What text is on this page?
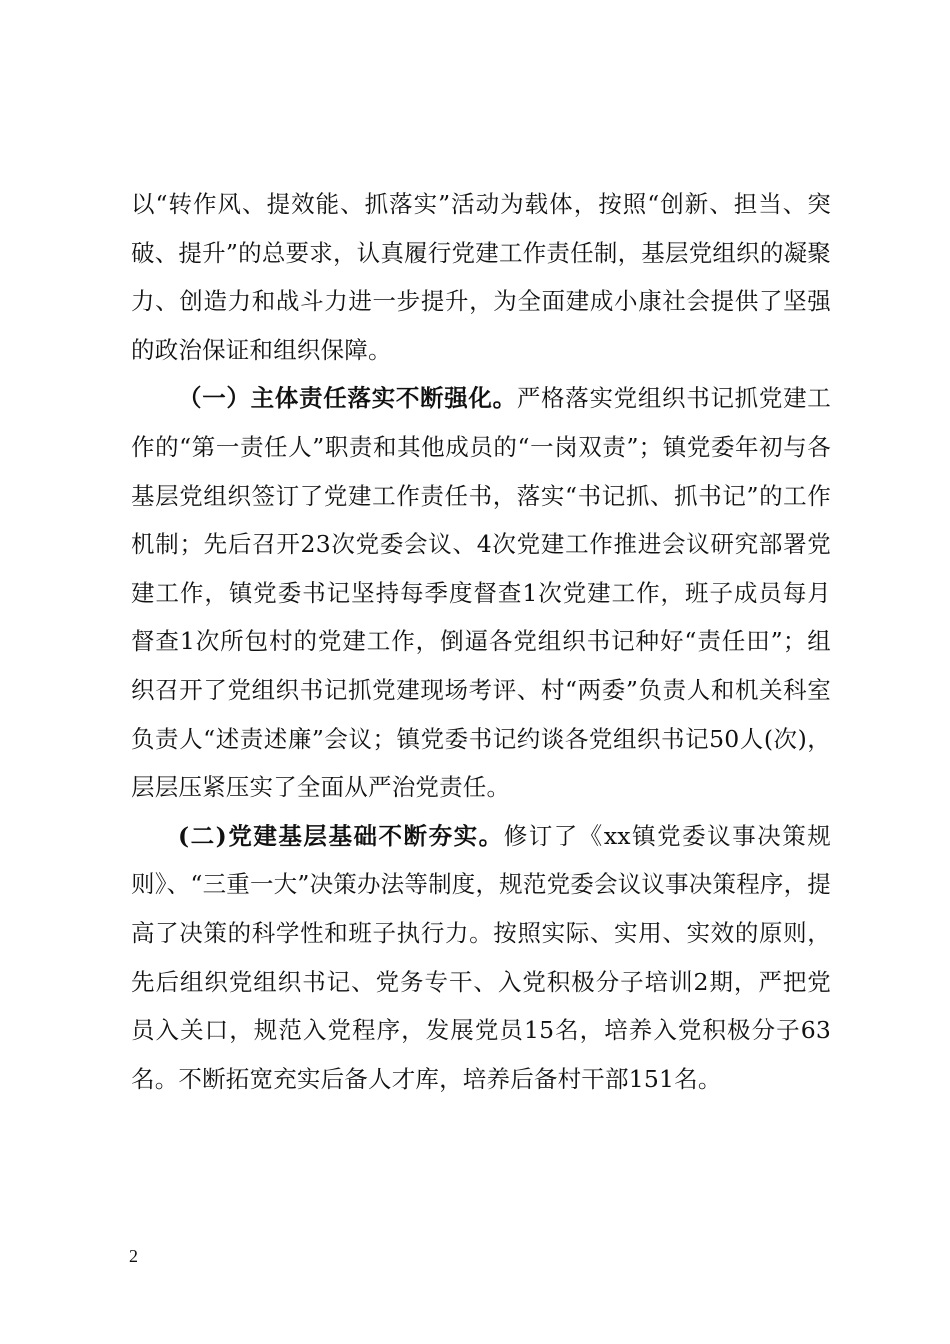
以“转作风、提效能、抓落实”活动为载体，按照“创新、担当、突破、提升”的总要求，认真履行党建工作责任制，基层党组织的凝聚力、创造力和战斗力进一步提升，为全面建成小康社会提供了坚强的政治保证和组织保障。

（一）主体责任落实不断强化。严格落实党组织书记抓党建工作的“第一责任人”职责和其他成员的“一岗双责”；镇党委年初与各基层党组织签订了党建工作责任书，落实“书记抓、抓书记”的工作机制；先后召开23次党委会议、4次党建工作推进会议研究部署党建工作，镇党委书记坚持每季度督查1次党建工作，班子成员每月督查1次所包村的党建工作，倒逼各党组织书记种好“责任田”；组织召开了党组织书记抓党建现场考评、村“两委”负责人和机关科室负责人“述责述廉”会议；镇党委书记约谈各党组织书记50人(次)，层层压紧压实了全面从严治党责任。

(二)党建基层基础不断夯实。修订了《xx镇党委议事决策规则》、“三重一大”决策办法等制度，规范党委会议议事决策程序，提高了决策的科学性和班子执行力。按照实际、实用、实效的原则，先后组织党组织书记、党务专干、入党积极分子培训2期，严把党员入关口，规范入党程序，发展党员15名，培养入党积极分子63名。不断拓宽充实后备人才库，培养后备村干部151名。

2
